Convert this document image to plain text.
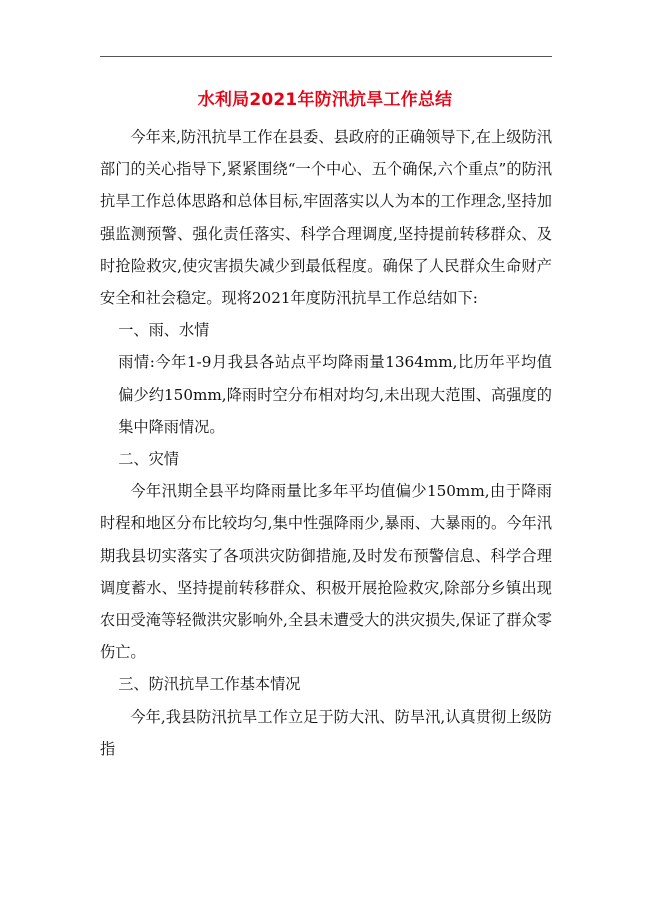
水利局2021年防汛抗旱工作总结

今年来,防汛抗旱工作在县委、县政府的正确领导下,在上级防汛部门的关心指导下,紧紧围绕“一个中心、五个确保,六个重点”的防汛抗旱工作总体思路和总体目标,牢固落实以人为本的工作理念,坚持加强监测预警、强化责任落实、科学合理调度,坚持提前转移群众、及时抢险救灾,使灾害损失减少到最低程度。确保了人民群众生命财产安全和社会稳定。现将2021年度防汛抗旱工作总结如下:

一、雨、水情

雨情:今年1-9月我县各站点平均降雨量1364mm,比历年平均值偏少约150mm,降雨时空分布相对均匀,未出现大范围、高强度的集中降雨情况。

二、灾情

今年汛期全县平均降雨量比多年平均值偏少150mm,由于降雨时程和地区分布比较均匀,集中性强降雨少,暴雨、大暴雨的。今年汛期我县切实落实了各项洪灾防御措施,及时发布预警信息、科学合理调度蓄水、坚持提前转移群众、积极开展抢险救灾,除部分乡镇出现农田受淹等轻微洪灾影响外,全县未遭受大的洪灾损失,保证了群众零伤亡。

三、防汛抗旱工作基本情况

今年,我县防汛抗旱工作立足于防大汛、防旱汛,认真贯彻上级防指
